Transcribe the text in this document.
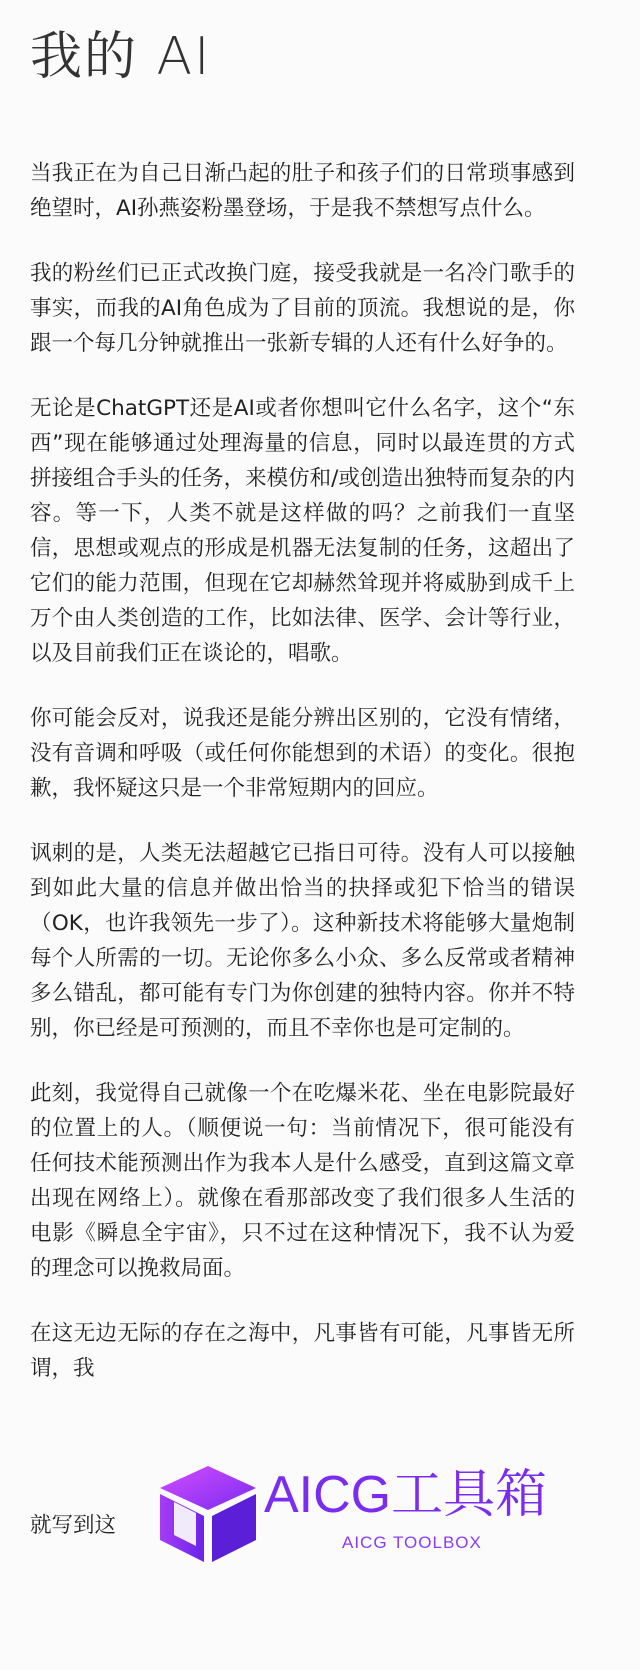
我的 AI

当我正在为自己日渐凸起的肚子和孩子们的日常琐事感到绝望时，AI孙燕姿粉墨登场，于是我不禁想写点什么。

我的粉丝们已正式改换门庭，接受我就是一名冷门歌手的事实，而我的AI角色成为了目前的顶流。我想说的是，你跟一个每几分钟就推出一张新专辑的人还有什么好争的。

无论是ChatGPT还是AI或者你想叫它什么名字，这个“东西”现在能够通过处理海量的信息，同时以最连贯的方式拼接组合手头的任务，来模仿和/或创造出独特而复杂的内容。等一下，人类不就是这样做的吗？之前我们一直坚信，思想或观点的形成是机器无法复制的任务，这超出了它们的能力范围，但现在它却赫然耸现并将威胁到成千上万个由人类创造的工作，比如法律、医学、会计等行业，以及目前我们正在谈论的，唱歌。

你可能会反对，说我还是能分辨出区别的，它没有情绪，没有音调和呼吸（或任何你能想到的术语）的变化。很抱歉，我怀疑这只是一个非常短期内的回应。

讽刺的是，人类无法超越它已指日可待。没有人可以接触到如此大量的信息并做出恰当的抉择或犯下恰当的错误（OK，也许我领先一步了）。这种新技术将能够大量炮制每个人所需的一切。无论你多么小众、多么反常或者精神多么错乱，都可能有专门为你创建的独特内容。你并不特别，你已经是可预测的，而且不幸你也是可定制的。

此刻，我觉得自己就像一个在吃爆米花、坐在电影院最好的位置上的人。（顺便说一句：当前情况下，很可能没有任何技术能预测出作为我本人是什么感受，直到这篇文章出现在网络上）。就像在看那部改变了我们很多人生活的电影《瞬息全宇宙》，只不过在这种情况下，我不认为爱的理念可以挽救局面。

在这无边无际的存在之海中，凡事皆有可能，凡事皆无所谓，我

就写到这

AICG工具箱

AICG TOOLBOX
